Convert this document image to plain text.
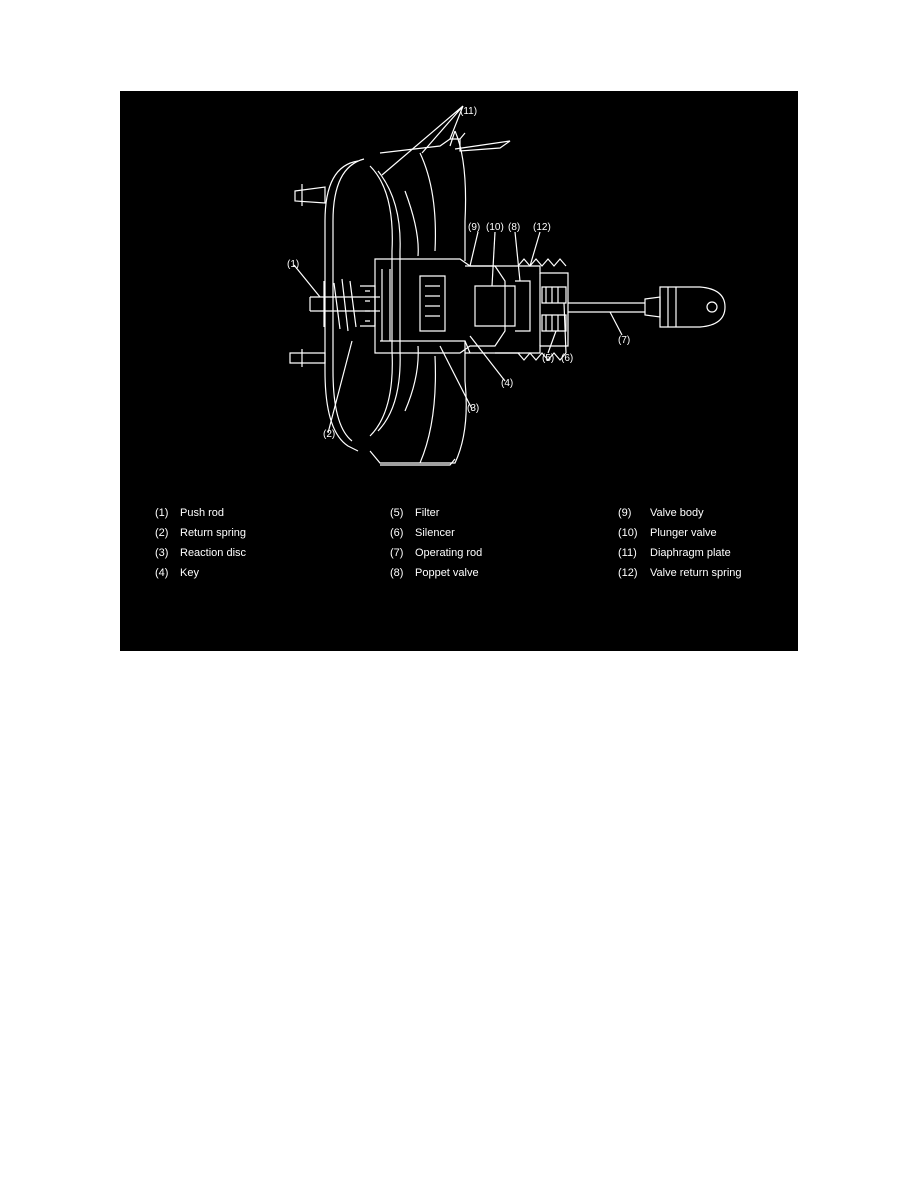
(11)
(1)
(2)
(3)
(4)
(5) (6)
(7)
(9) (10) (8) (12)
(1) Push rod
(2) Return spring
(3) Reaction disc
(4) Key
(5) Filter
(6) Silencer
(7) Operating rod
(8) Poppet valve
(9) Valve body
(10) Plunger valve
(11) Diaphragm plate
(12) Valve return spring
